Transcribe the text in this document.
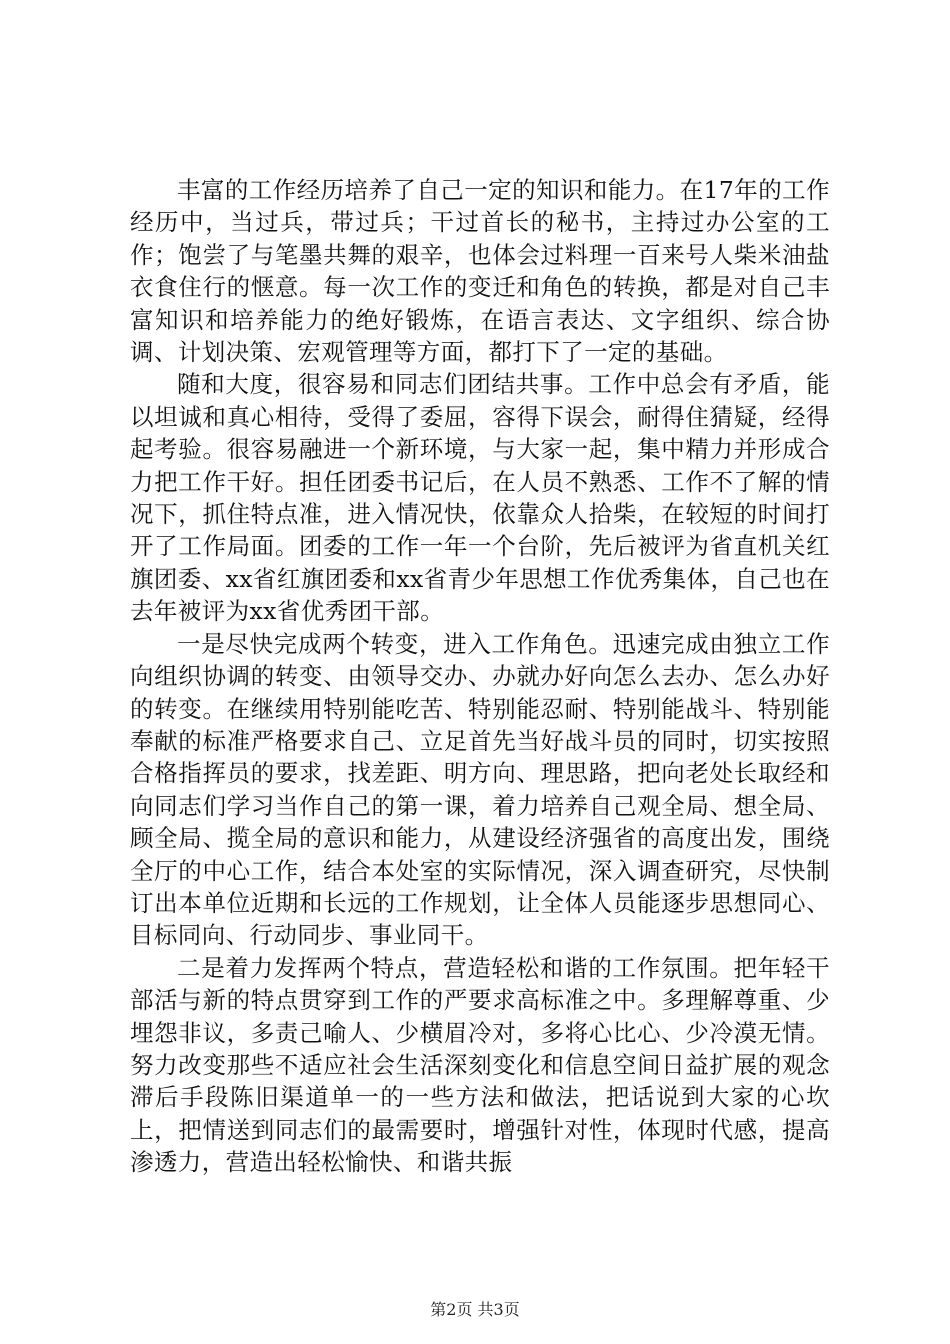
丰富的工作经历培养了自己一定的知识和能力。在17年的工作经历中，当过兵，带过兵；干过首长的秘书，主持过办公室的工作；饱尝了与笔墨共舞的艰辛，也体会过料理一百来号人柴米油盐衣食住行的惬意。每一次工作的变迁和角色的转换，都是对自己丰富知识和培养能力的绝好锻炼，在语言表达、文字组织、综合协调、计划决策、宏观管理等方面，都打下了一定的基础。

随和大度，很容易和同志们团结共事。工作中总会有矛盾，能以坦诚和真心相待，受得了委屈，容得下误会，耐得住猜疑，经得起考验。很容易融进一个新环境，与大家一起，集中精力并形成合力把工作干好。担任团委书记后，在人员不熟悉、工作不了解的情况下，抓住特点准，进入情况快，依靠众人拾柴，在较短的时间打开了工作局面。团委的工作一年一个台阶，先后被评为省直机关红旗团委、xx省红旗团委和xx省青少年思想工作优秀集体，自己也在去年被评为xx省优秀团干部。

一是尽快完成两个转变，进入工作角色。迅速完成由独立工作向组织协调的转变、由领导交办、办就办好向怎么去办、怎么办好的转变。在继续用特别能吃苦、特别能忍耐、特别能战斗、特别能奉献的标准严格要求自己、立足首先当好战斗员的同时，切实按照合格指挥员的要求，找差距、明方向、理思路，把向老处长取经和向同志们学习当作自己的第一课，着力培养自己观全局、想全局、顾全局、揽全局的意识和能力，从建设经济强省的高度出发，围绕全厅的中心工作，结合本处室的实际情况，深入调查研究，尽快制订出本单位近期和长远的工作规划，让全体人员能逐步思想同心、目标同向、行动同步、事业同干。

二是着力发挥两个特点，营造轻松和谐的工作氛围。把年轻干部活与新的特点贯穿到工作的严要求高标准之中。多理解尊重、少埋怨非议，多责己喻人、少横眉冷对，多将心比心、少冷漠无情。努力改变那些不适应社会生活深刻变化和信息空间日益扩展的观念滞后手段陈旧渠道单一的一些方法和做法，把话说到大家的心坎上，把情送到同志们的最需要时，增强针对性，体现时代感，提高渗透力，营造出轻松愉快、和谐共振

第2页 共3页
